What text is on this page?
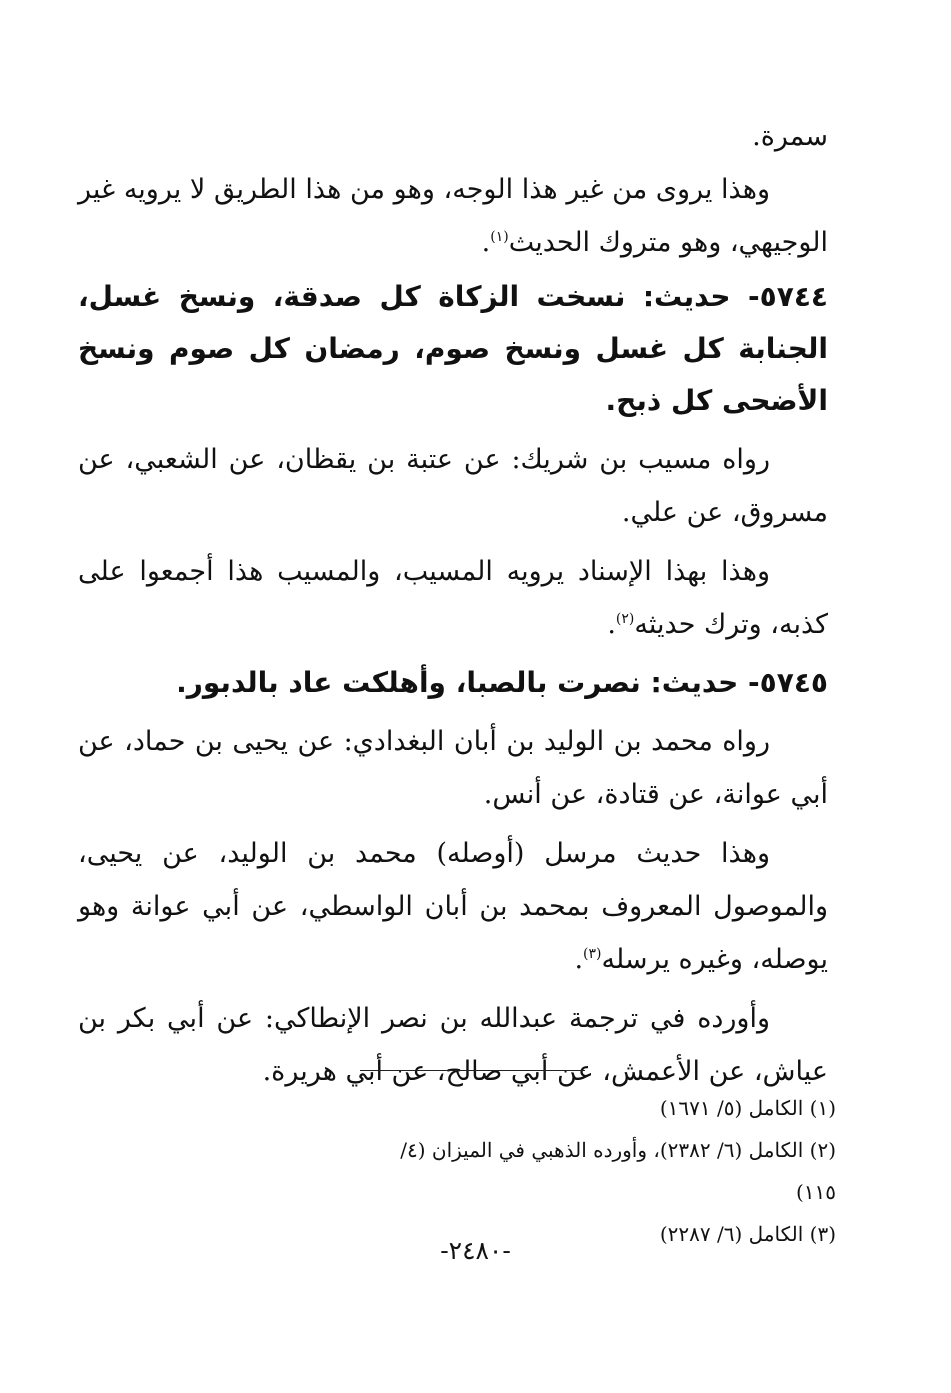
سمرة.

وهذا يروى من غير هذا الوجه، وهو من هذا الطريق لا يرويه غير الوجيهي، وهو متروك الحديث$^{(١)}$.

٥٧٤٤- حديث: نسخت الزكاة كل صدقة، ونسخ غسل، الجنابة كل غسل ونسخ صوم، رمضان كل صوم ونسخ الأضحى كل ذبح.

رواه مسيب بن شريك: عن عتبة بن يقظان، عن الشعبي، عن مسروق، عن علي.

وهذا بهذا الإسناد يرويه المسيب، والمسيب هذا أجمعوا على كذبه، وترك حديثه$^{(٢)}$.

٥٧٤٥- حديث: نصرت بالصبا، وأهلكت عاد بالدبور.

رواه محمد بن الوليد بن أبان البغدادي: عن يحيى بن حماد، عن أبي عوانة، عن قتادة، عن أنس.

وهذا حديث مرسل (أوصله) محمد بن الوليد، عن يحيى، والموصول المعروف بمحمد بن أبان الواسطي، عن أبي عوانة وهو يوصله، وغيره يرسله$^{(٣)}$.

وأورده في ترجمة عبدالله بن نصر الإنطاكي: عن أبي بكر بن عياش، عن الأعمش، عن أبي صالح، عن أبي هريرة.

(١) الكامل (٥/ ١٦٧١)

(٢) الكامل (٦/ ٢٣٨٢)، وأورده الذهبي في الميزان (٤/ ١١٥)

(٣) الكامل (٦/ ٢٢٨٧)

-٢٤٨٠-
